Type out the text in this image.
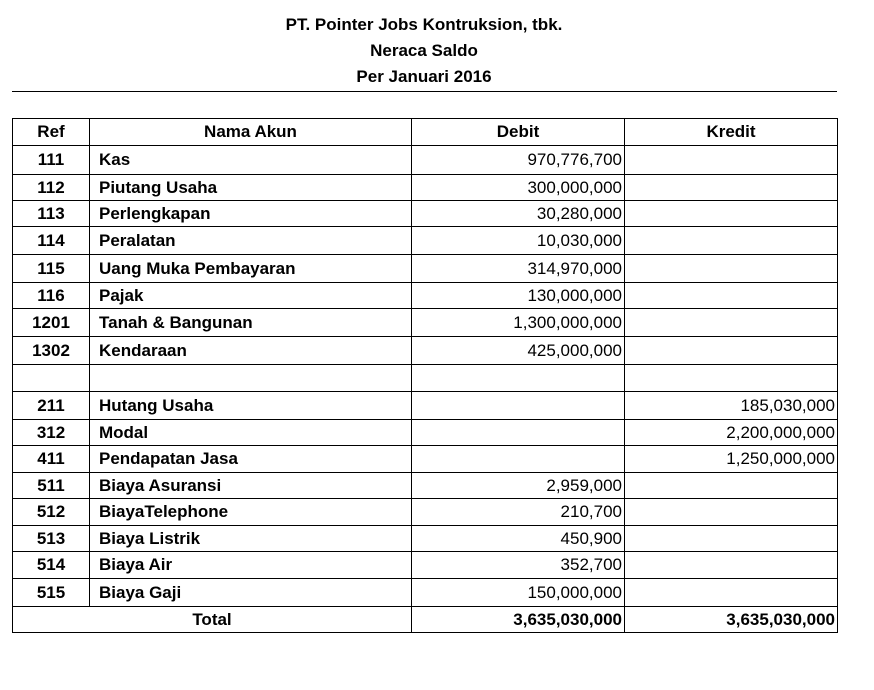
PT. Pointer Jobs Kontruksion, tbk.
Neraca Saldo
Per Januari 2016
Ref	Nama Akun	Debit	Kredit
111	Kas	970,776,700	
112	Piutang Usaha	300,000,000	
113	Perlengkapan	30,280,000	
114	Peralatan	10,030,000	
115	Uang Muka Pembayaran	314,970,000	
116	Pajak	130,000,000	
1201	Tanah & Bangunan	1,300,000,000	
1302	Kendaraan	425,000,000	

211	Hutang Usaha		185,030,000
312	Modal		2,200,000,000
411	Pendapatan Jasa		1,250,000,000
511	Biaya Asuransi	2,959,000	
512	BiayaTelephone	210,700	
513	Biaya Listrik	450,900	
514	Biaya Air	352,700	
515	Biaya Gaji	150,000,000	
Total		3,635,030,000	3,635,030,000
